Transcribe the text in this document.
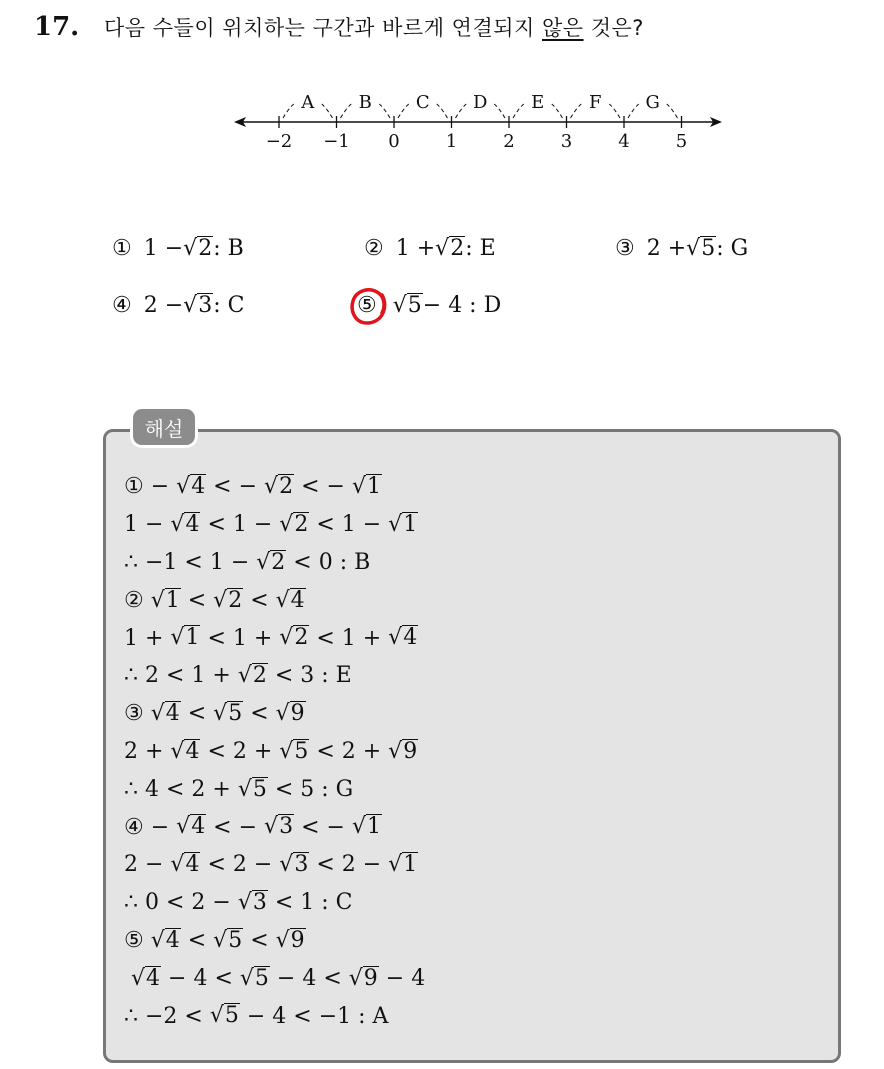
17.	다음 수들이 위치하는 구간과 바르게 연결되지 않은 것은?
−2 −1 0	1	2	3	4	5
A B C D E F G
① 1 − √ 2 : B	② 1 + √ 2 : E	③ 2 + √ 5 : G
④ 2 − √ 3 : C	⑤ √ 5 − 4 : D
해설
① − √ 4 < − √ 2 < − √ 1
1 − √ 4 < 1 − √ 2 < 1 − √ 1
∴ −1 < 1 − √ 2 < 0 : B
② √ 1 < √ 2 < √ 4
1 + √ 1 < 1 + √ 2 < 1 + √ 4
∴ 2 < 1 + √ 2 < 3 : E
③ √ 4 < √ 5 < √ 9
2 + √ 4 < 2 + √ 5 < 2 + √ 9
∴ 4 < 2 + √ 5 < 5 : G
④ − √ 4 < − √ 3 < − √ 1
2 − √ 4 < 2 − √ 3 < 2 − √ 1
∴ 0 < 2 − √ 3 < 1 : C
⑤ √ 4 < √ 5 < √ 9

√ 4 − 4 < √ 5 − 4 < √ 9 − 4
∴ −2 < √ 5 − 4 < −1 : A
